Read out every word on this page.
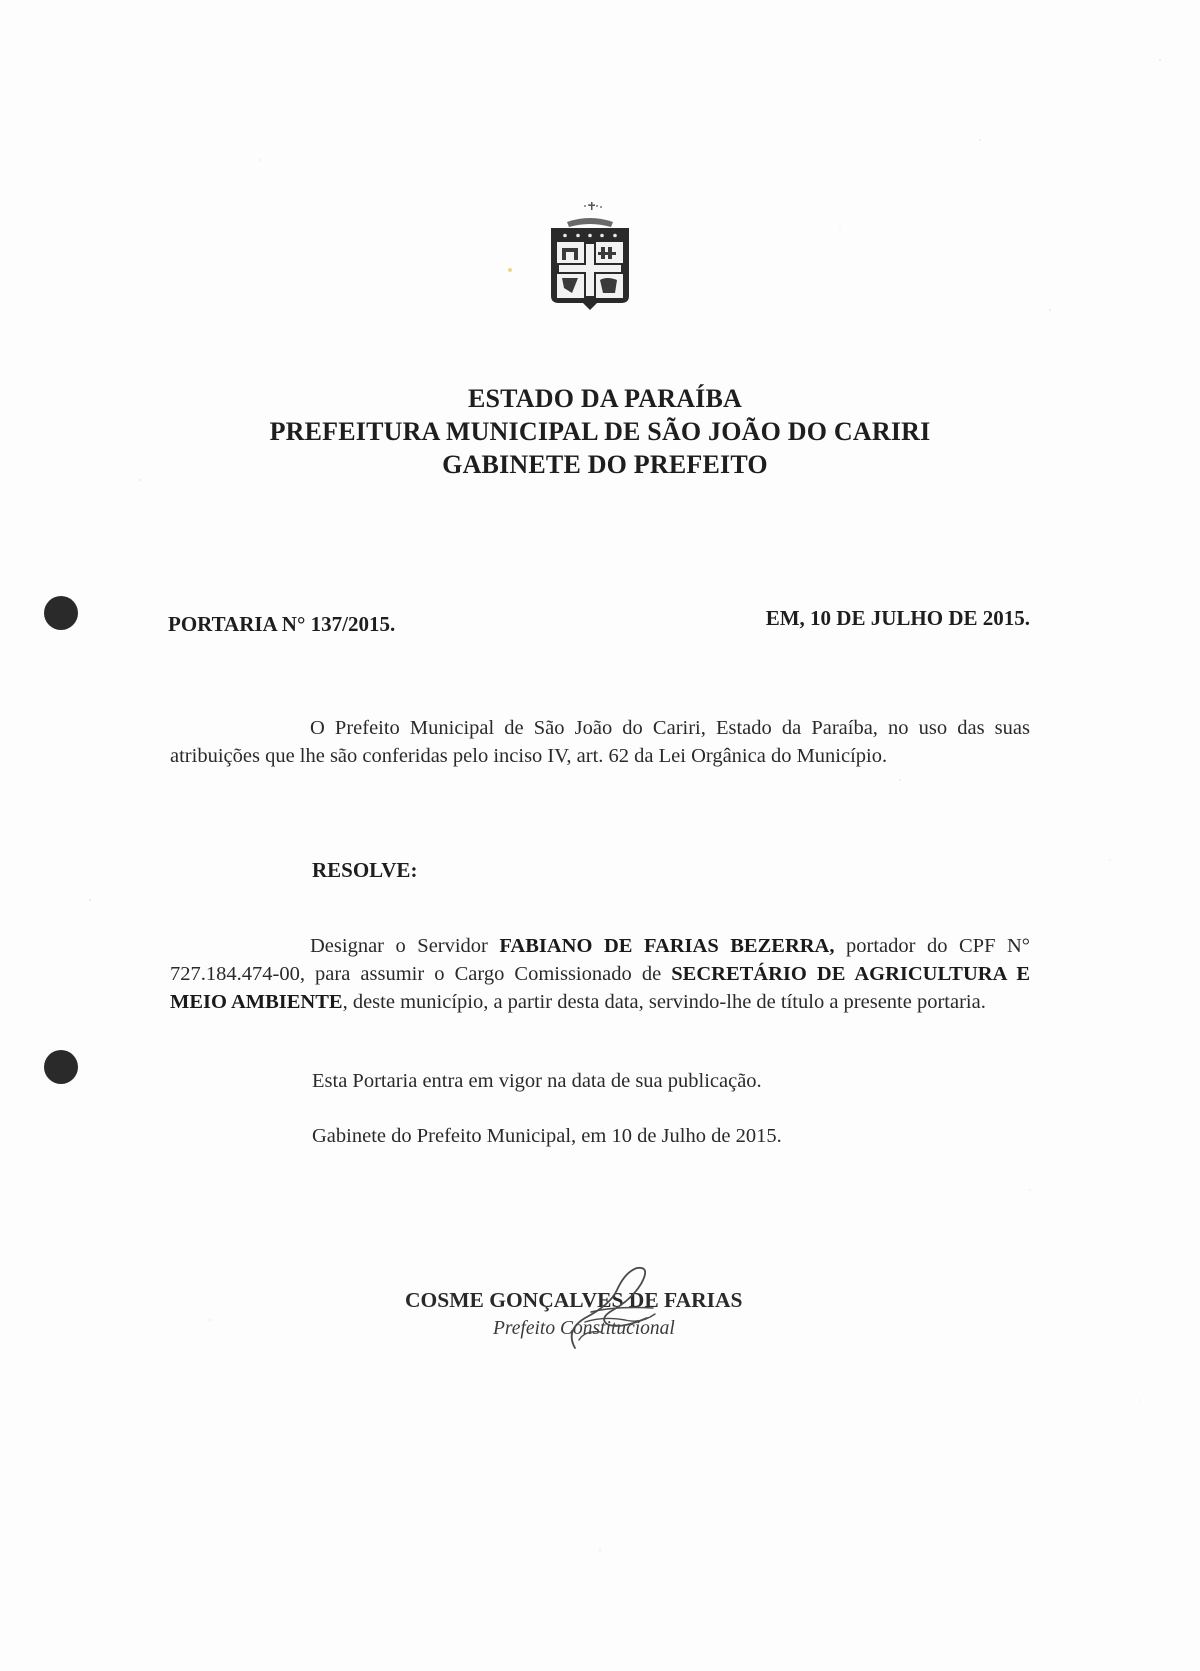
ESTADO DA PARAÍBA
PREFEITURA MUNICIPAL DE SÃO JOÃO DO CARIRI
GABINETE DO PREFEITO
PORTARIA N° 137/2015.	EM, 10 DE JULHO DE 2015.
O Prefeito Municipal de São João do Cariri, Estado da Paraíba, no uso das suas atribuições que lhe são conferidas pelo inciso IV, art. 62 da Lei Orgânica do Município.
RESOLVE:
Designar o Servidor FABIANO DE FARIAS BEZERRA, portador do CPF N° 727.184.474-00, para assumir o Cargo Comissionado de SECRETÁRIO DE AGRICULTURA E MEIO AMBIENTE, deste município, a partir desta data, servindo-lhe de título a presente portaria.
Esta Portaria entra em vigor na data de sua publicação.
Gabinete do Prefeito Municipal, em 10 de Julho de 2015.
COSME GONÇALVES DE FARIAS
Prefeito Constitucional
